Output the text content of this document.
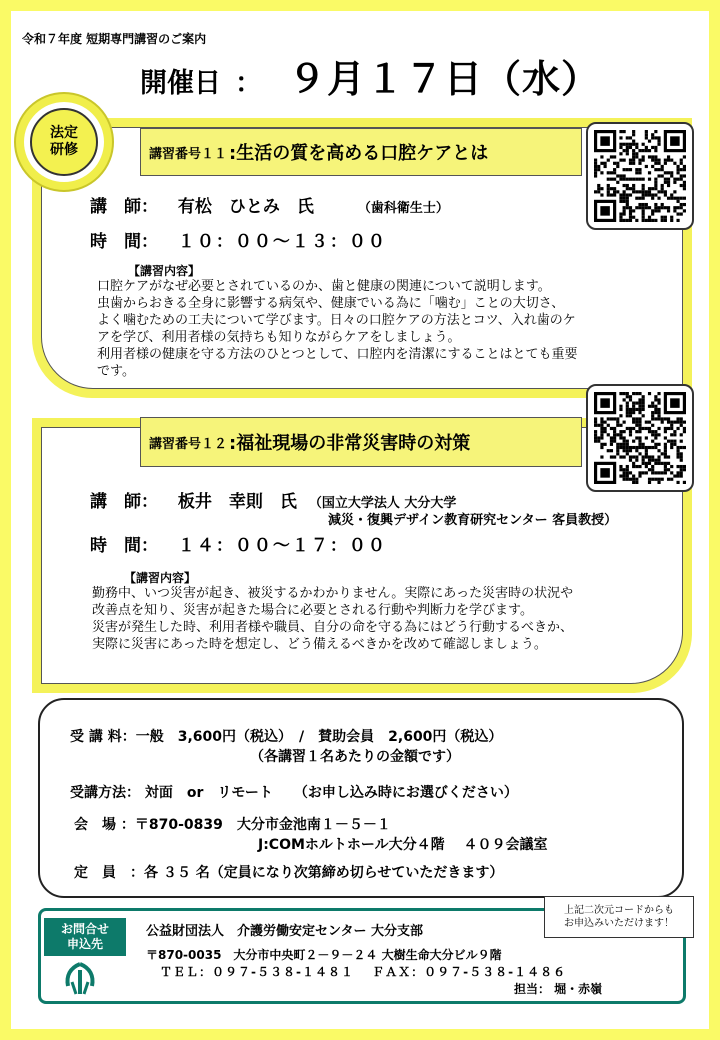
令和７年度 短期専門講習のご案内
開催日 ： ９月１７日（水）
法定
研修	講習番号１１ :生活の質を高める口腔ケアとは
講　師： 有松　ひとみ　氏	（歯科衛生士）
時　間： １０：００～１３：００
【講習内容】
口腔ケアがなぜ必要とされているのか、歯と健康の関連について説明します。
虫歯からおきる全身に影響する病気や、健康でいる為に「噛む」ことの大切さ、
よく噛むための工夫について学びます。日々の口腔ケアの方法とコツ、入れ歯のケ
アを学び、利用者様の気持ちも知りながらケアをしましょう。
利用者様の健康を守る方法のひとつとして、口腔内を清潔にすることはとても重要
です。
講習番号１２ :福祉現場の非常災害時の対策
講　師： 板井　幸則　氏 （国立大学法人 大分大学
減災・復興デザイン教育研究センター 客員教授）
時　間： １４：００～１７：００
【講習内容】
勤務中、いつ災害が起き、被災するかわかりません。実際にあった災害時の状況や
改善点を知り、災害が起きた場合に必要とされる行動や判断力を学びます。
災害が発生した時、利用者様や職員、自分の命を守る為にはどう行動するべきか、
実際に災害にあった時を想定し、どう備えるべきかを改めて確認しましょう。
受 講 料：一般　3,600円（税込）　/　賛助会員　2,600円（税込）
（各講習１名あたりの金額です）
受講方法： 対面　or　リモート　　（お申し込み時にお選びください）
会　場 ：〒870-0839　大分市金池南１－５－１
J:COMホルトホール大分４階　 ４０９会議室
定　員　：各 ３５ 名（定員になり次第締め切らせていただきます）
お問合せ
申込先
公益財団法人　介護労働安定センター 大分支部
〒870-0035　大分市中央町２－９－２４ 大樹生命大分ビル９階
ＴＥＬ：０９７-５３８-１４８１　 ＦＡＸ：０９７-５３８-１４８６
担当： 堀・赤嶺
上記二次元コードからも
お申込みいただけます！
